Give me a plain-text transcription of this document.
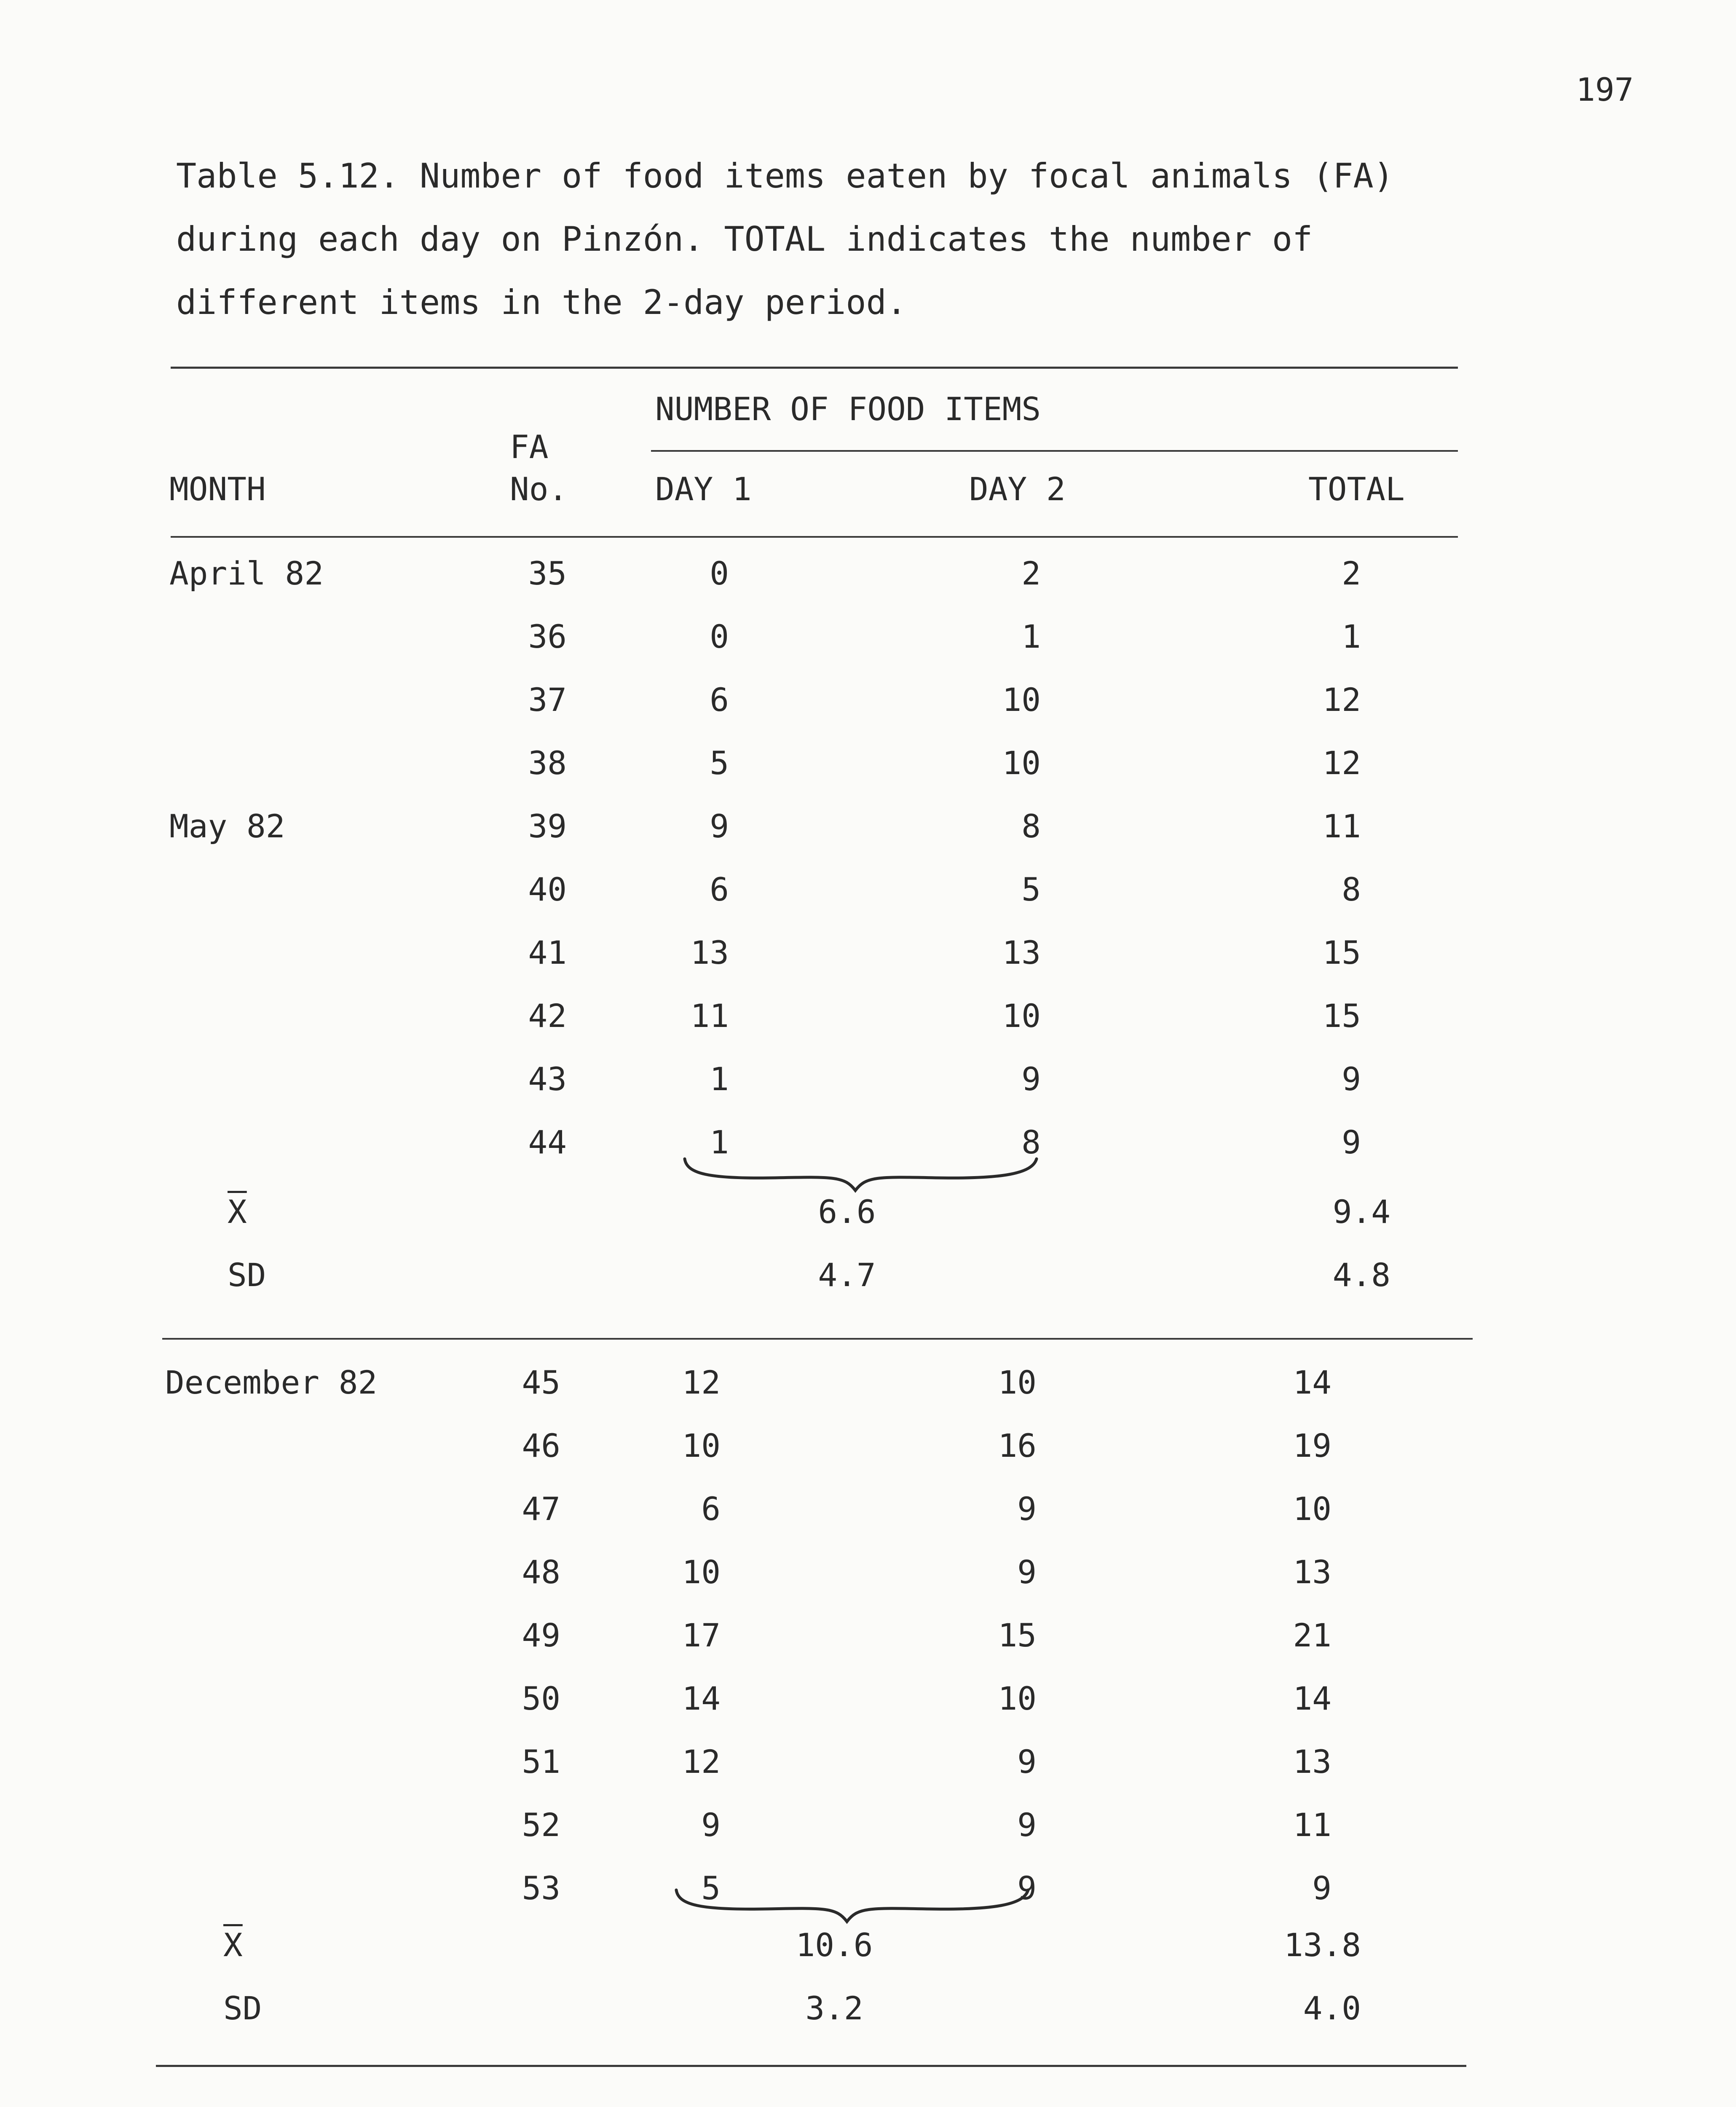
197
Table 5.12. Number of food items eaten by focal animals (FA)
during each day on Pinzón. TOTAL indicates the number of
different items in the 2-day period.
NUMBER OF FOOD ITEMS
FA
MONTH	No.	DAY 1	DAY 2	TOTAL
April 82	35	0	2	2
36	0	1	1
37	6	10	12
38	5	10	12
May 82	39	9	8	11
40	6	5	8
41	13	13	15
42	11	10	15
43	1	9	9
44	1	8	9
December 82	45	12	10	14
46	10	16	19
47	6	9	10
48	10	9	13
49	17	15	21
50	14	10	14
51	12	9	13
52	9	9	11
53	5	9	9
$\overline{X}$	6.6	9.4
SD	4.7	4.8
$\overline{X}$	10.6	13.8
SD	3.2	4.0
